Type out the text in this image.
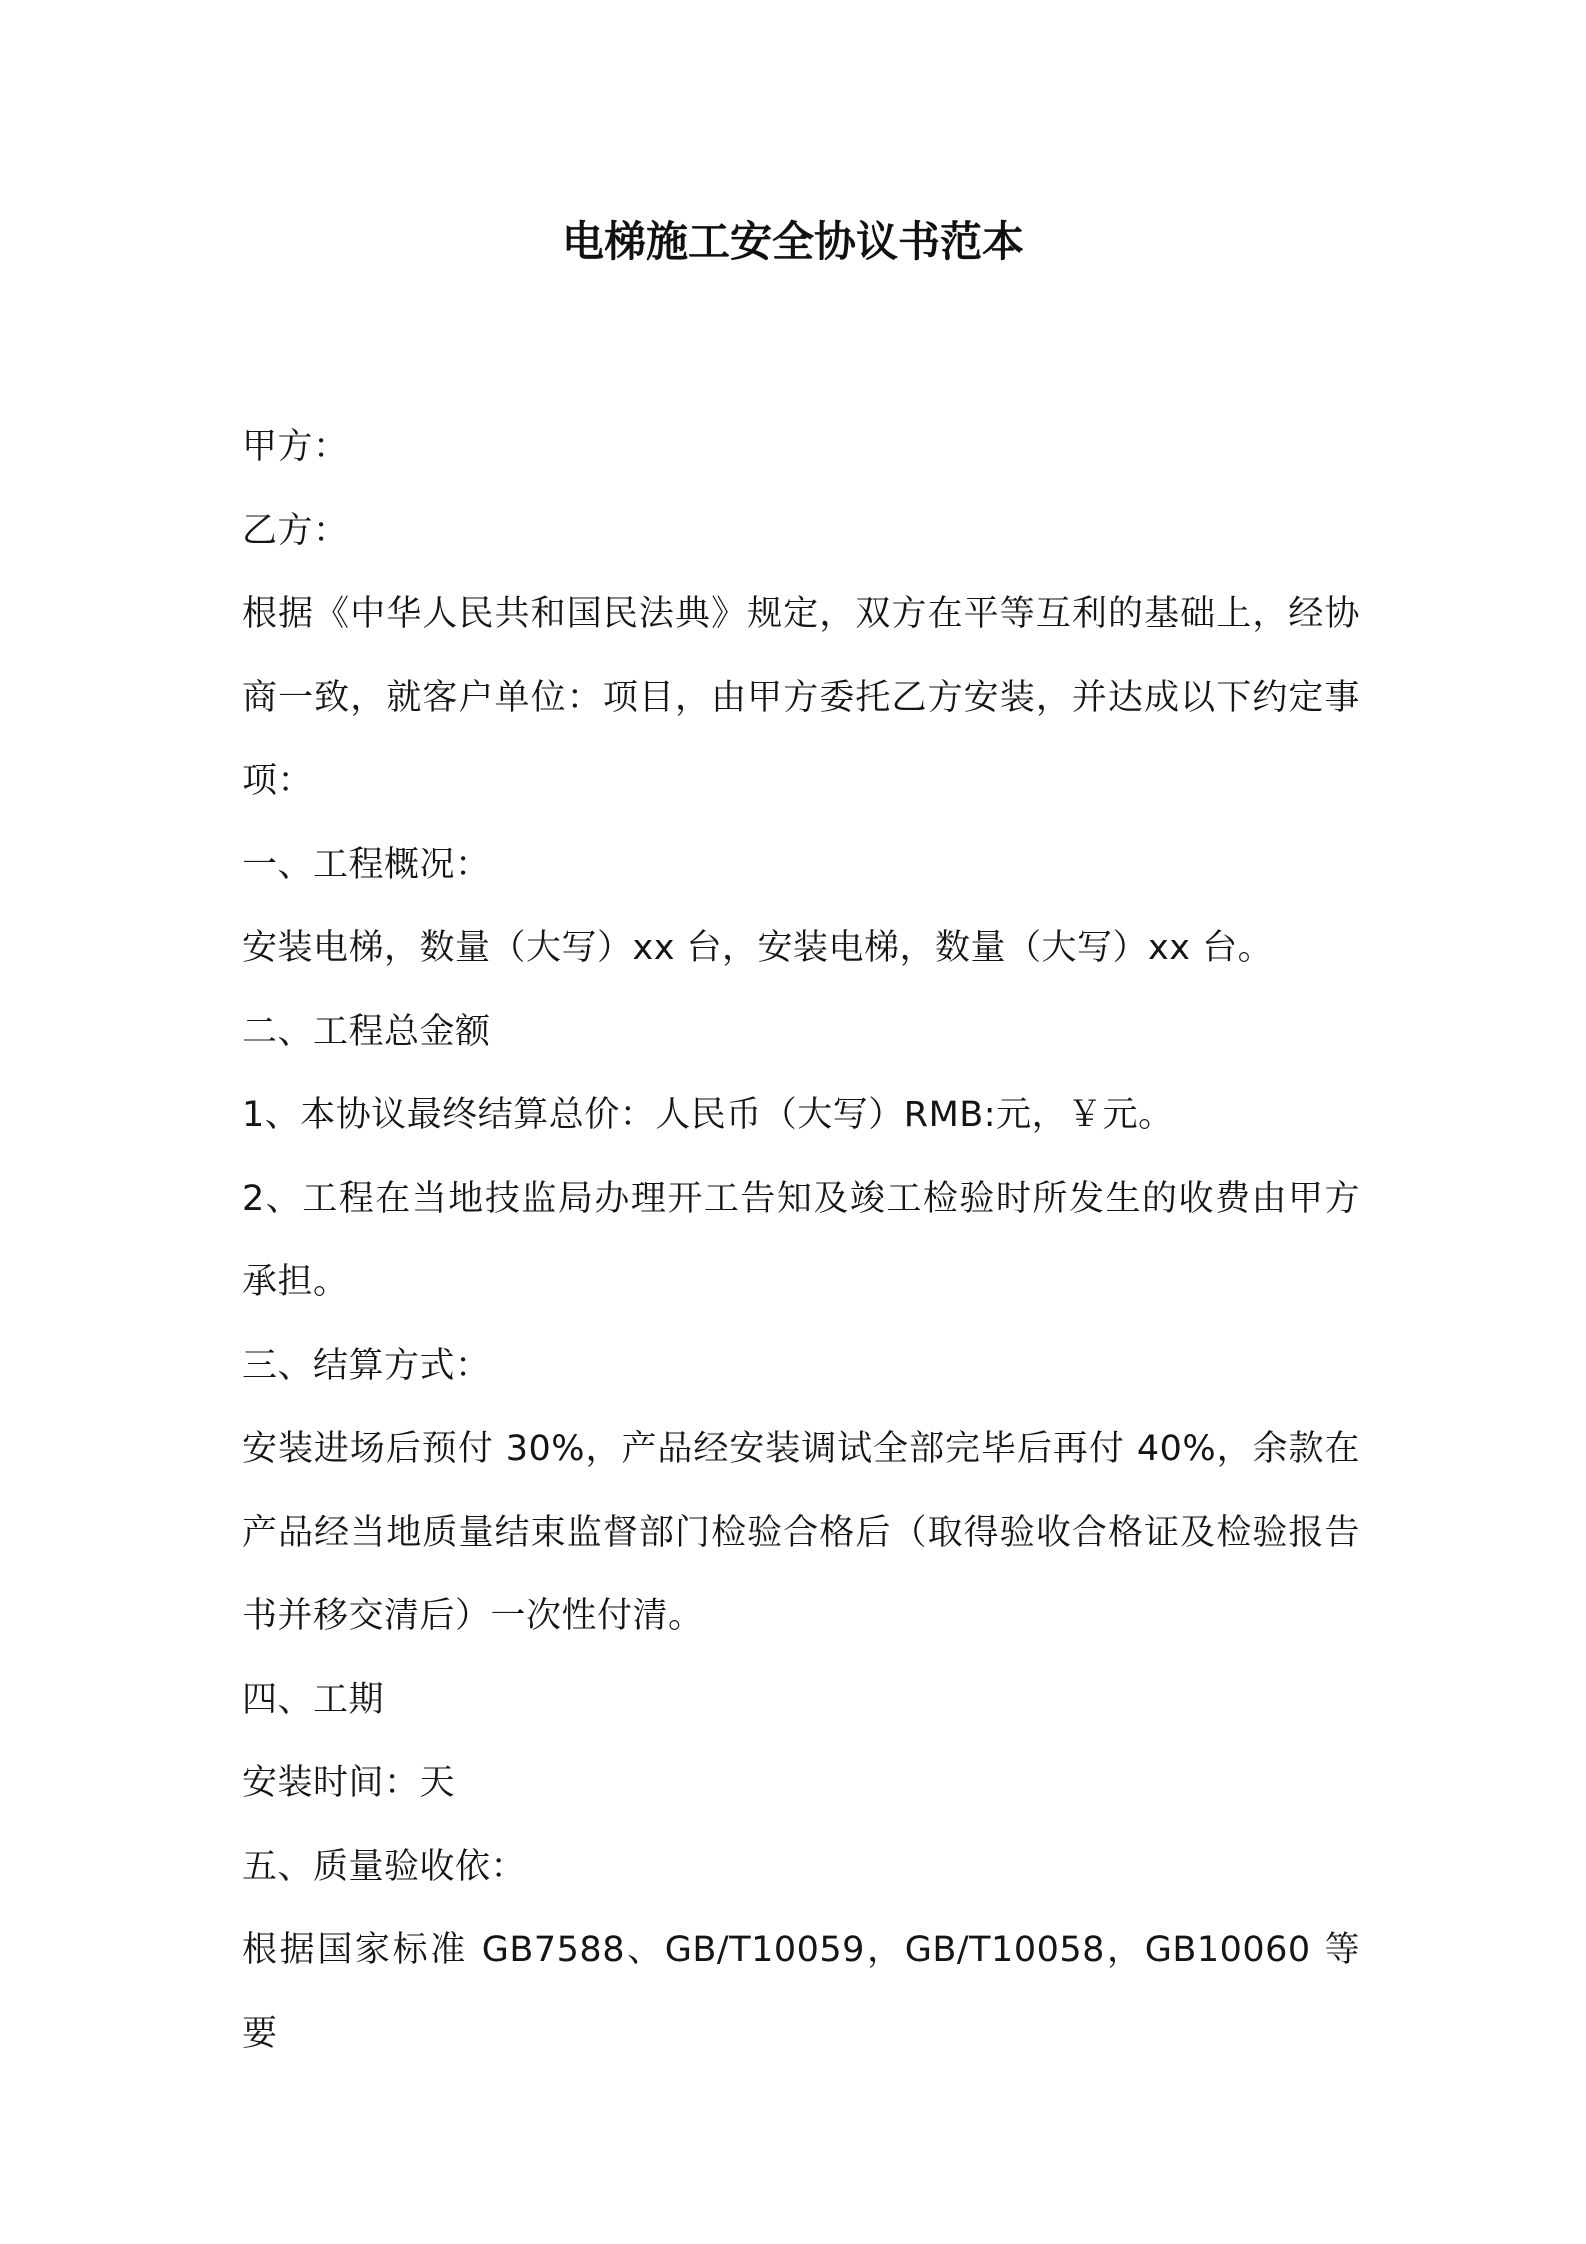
电梯施工安全协议书范本

甲方：

乙方：

根据《中华人民共和国民法典》规定，双方在平等互利的基础上，经协商一致，就客户单位：项目，由甲方委托乙方安装，并达成以下约定事项：

一、工程概况：

安装电梯，数量（大写）xx 台，安装电梯，数量（大写）xx 台。

二、工程总金额

1、本协议最终结算总价：人民币（大写）RMB:元，￥元。

2、工程在当地技监局办理开工告知及竣工检验时所发生的收费由甲方承担。

三、结算方式：

安装进场后预付 30%，产品经安装调试全部完毕后再付 40%，余款在产品经当地质量结束监督部门检验合格后（取得验收合格证及检验报告书并移交清后）一次性付清。

四、工期

安装时间：天

五、质量验收依：

根据国家标准 GB7588、GB/T10059，GB/T10058，GB10060 等要
